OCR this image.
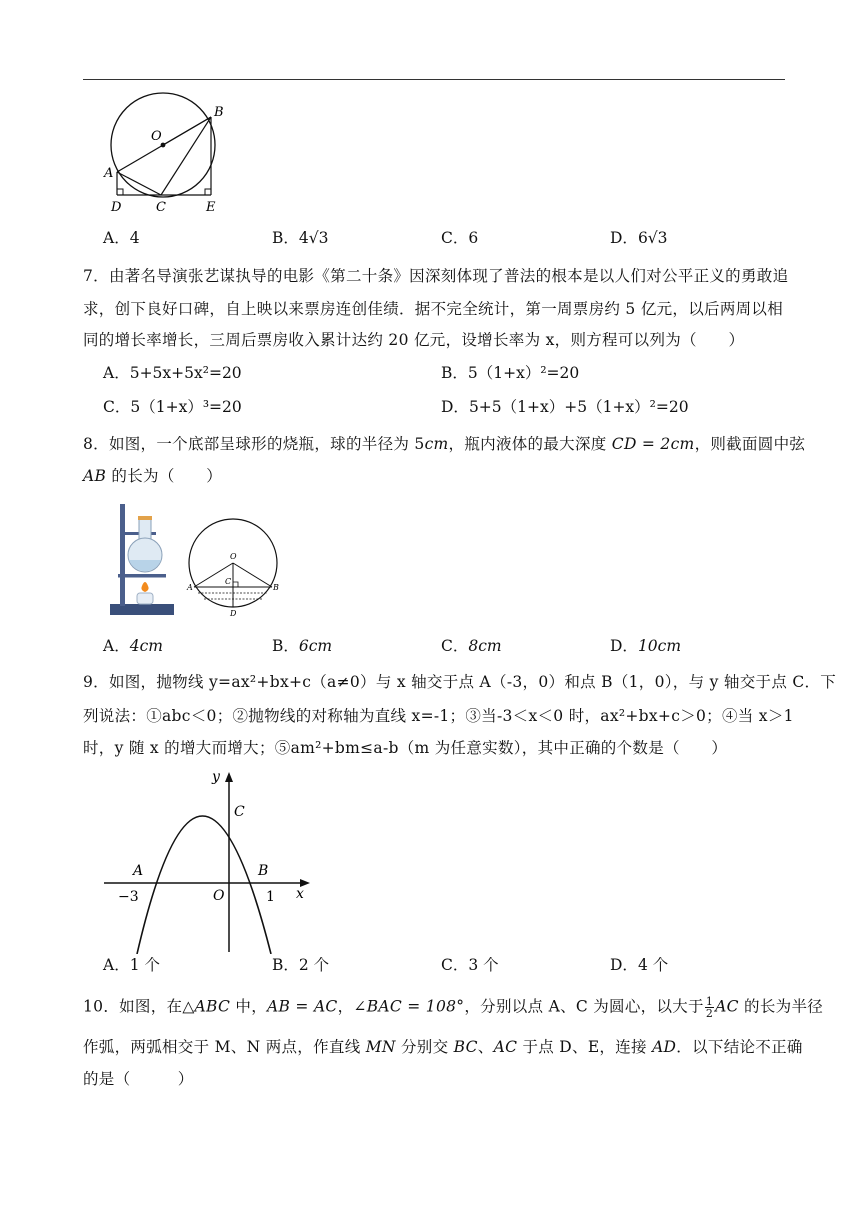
O
B
A
D	C	E
A．4	B．4√3	C．6	D．6√3
7．由著名导演张艺谋执导的电影《第二十条》因深刻体现了普法的根本是以人们对公平正义的勇敢追
求，创下良好口碑，自上映以来票房连创佳绩．据不完全统计，第一周票房约 5 亿元，以后两周以相
同的增长率增长，三周后票房收入累计达约 20 亿元，设增长率为 x，则方程可以列为（　　）
A．5+5x+5x²=20	B．5（1+x）²=20
C．5（1+x）³=20	D．5+5（1+x）+5（1+x）²=20
8．如图，一个底部呈球形的烧瓶，球的半径为 5cm，瓶内液体的最大深度 CD = 2cm，则截面圆中弦
AB 的长为（　　）
O
C
A	B
D
A．4cm	B．6cm	C．8cm	D．10cm
9．如图，抛物线 y=ax²+bx+c（a≠0）与 x 轴交于点 A（-3，0）和点 B（1，0），与 y 轴交于点 C．下
列说法：①abc＜0；②抛物线的对称轴为直线 x=-1；③当-3＜x＜0 时，ax²+bx+c＞0；④当 x＞1
时，y 随 x 的增大而增大；⑤am²+bm≤a-b（m 为任意实数），其中正确的个数是（　　）
y
x
C
A	B
O
−3	1
A．1 个	B．2 个	C．3 个	D．4 个
10．如图，在△ABC 中，AB = AC，∠BAC = 108°，分别以点 A、C 为圆心，以大于 $\frac{1}{2}$ AC 的长为半径
作弧，两弧相交于 M、N 两点，作直线 MN 分别交 BC、AC 于点 D、E，连接 AD．以下结论不正确
的是（　　　）
